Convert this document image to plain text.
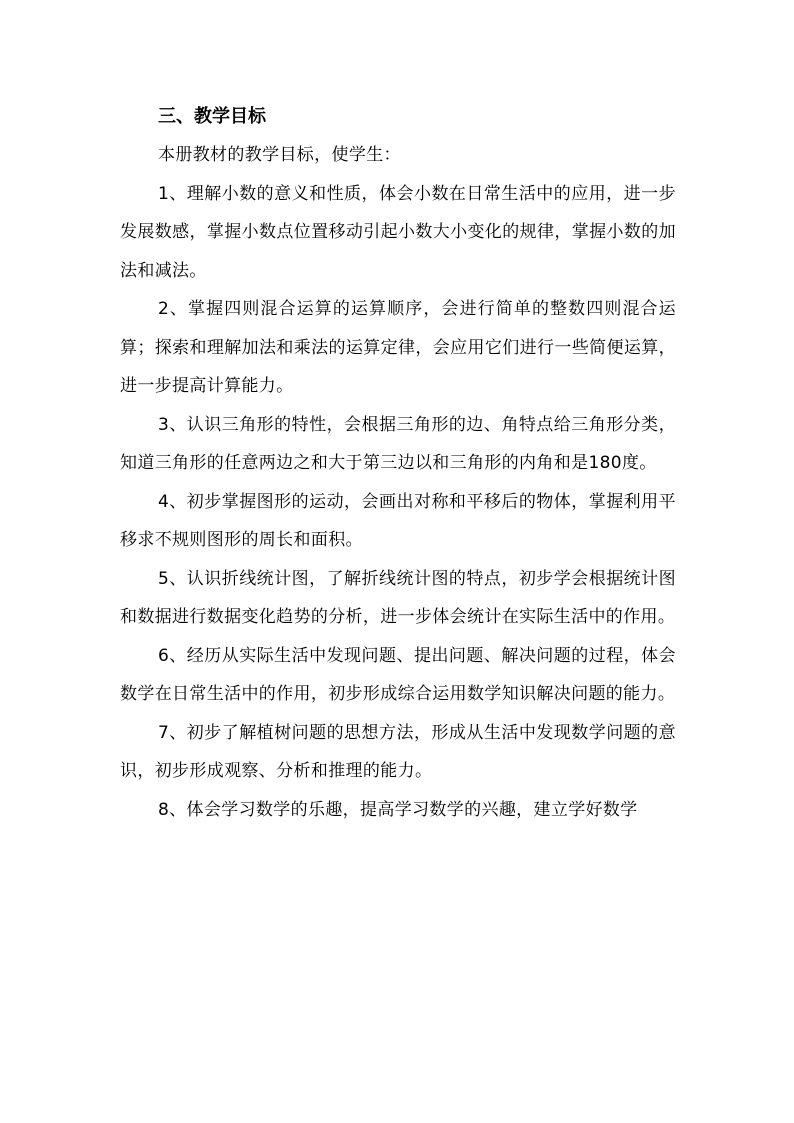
三、教学目标

本册教材的教学目标，使学生：

1、理解小数的意义和性质，体会小数在日常生活中的应用，进一步发展数感，掌握小数点位置移动引起小数大小变化的规律，掌握小数的加法和减法。

2、掌握四则混合运算的运算顺序，会进行简单的整数四则混合运算；探索和理解加法和乘法的运算定律，会应用它们进行一些简便运算，进一步提高计算能力。

3、认识三角形的特性，会根据三角形的边、角特点给三角形分类，知道三角形的任意两边之和大于第三边以和三角形的内角和是180度。

4、初步掌握图形的运动，会画出对称和平移后的物体，掌握利用平移求不规则图形的周长和面积。

5、认识折线统计图，了解折线统计图的特点，初步学会根据统计图和数据进行数据变化趋势的分析，进一步体会统计在实际生活中的作用。

6、经历从实际生活中发现问题、提出问题、解决问题的过程，体会数学在日常生活中的作用，初步形成综合运用数学知识解决问题的能力。

7、初步了解植树问题的思想方法，形成从生活中发现数学问题的意识，初步形成观察、分析和推理的能力。

8、体会学习数学的乐趣，提高学习数学的兴趣，建立学好数学
